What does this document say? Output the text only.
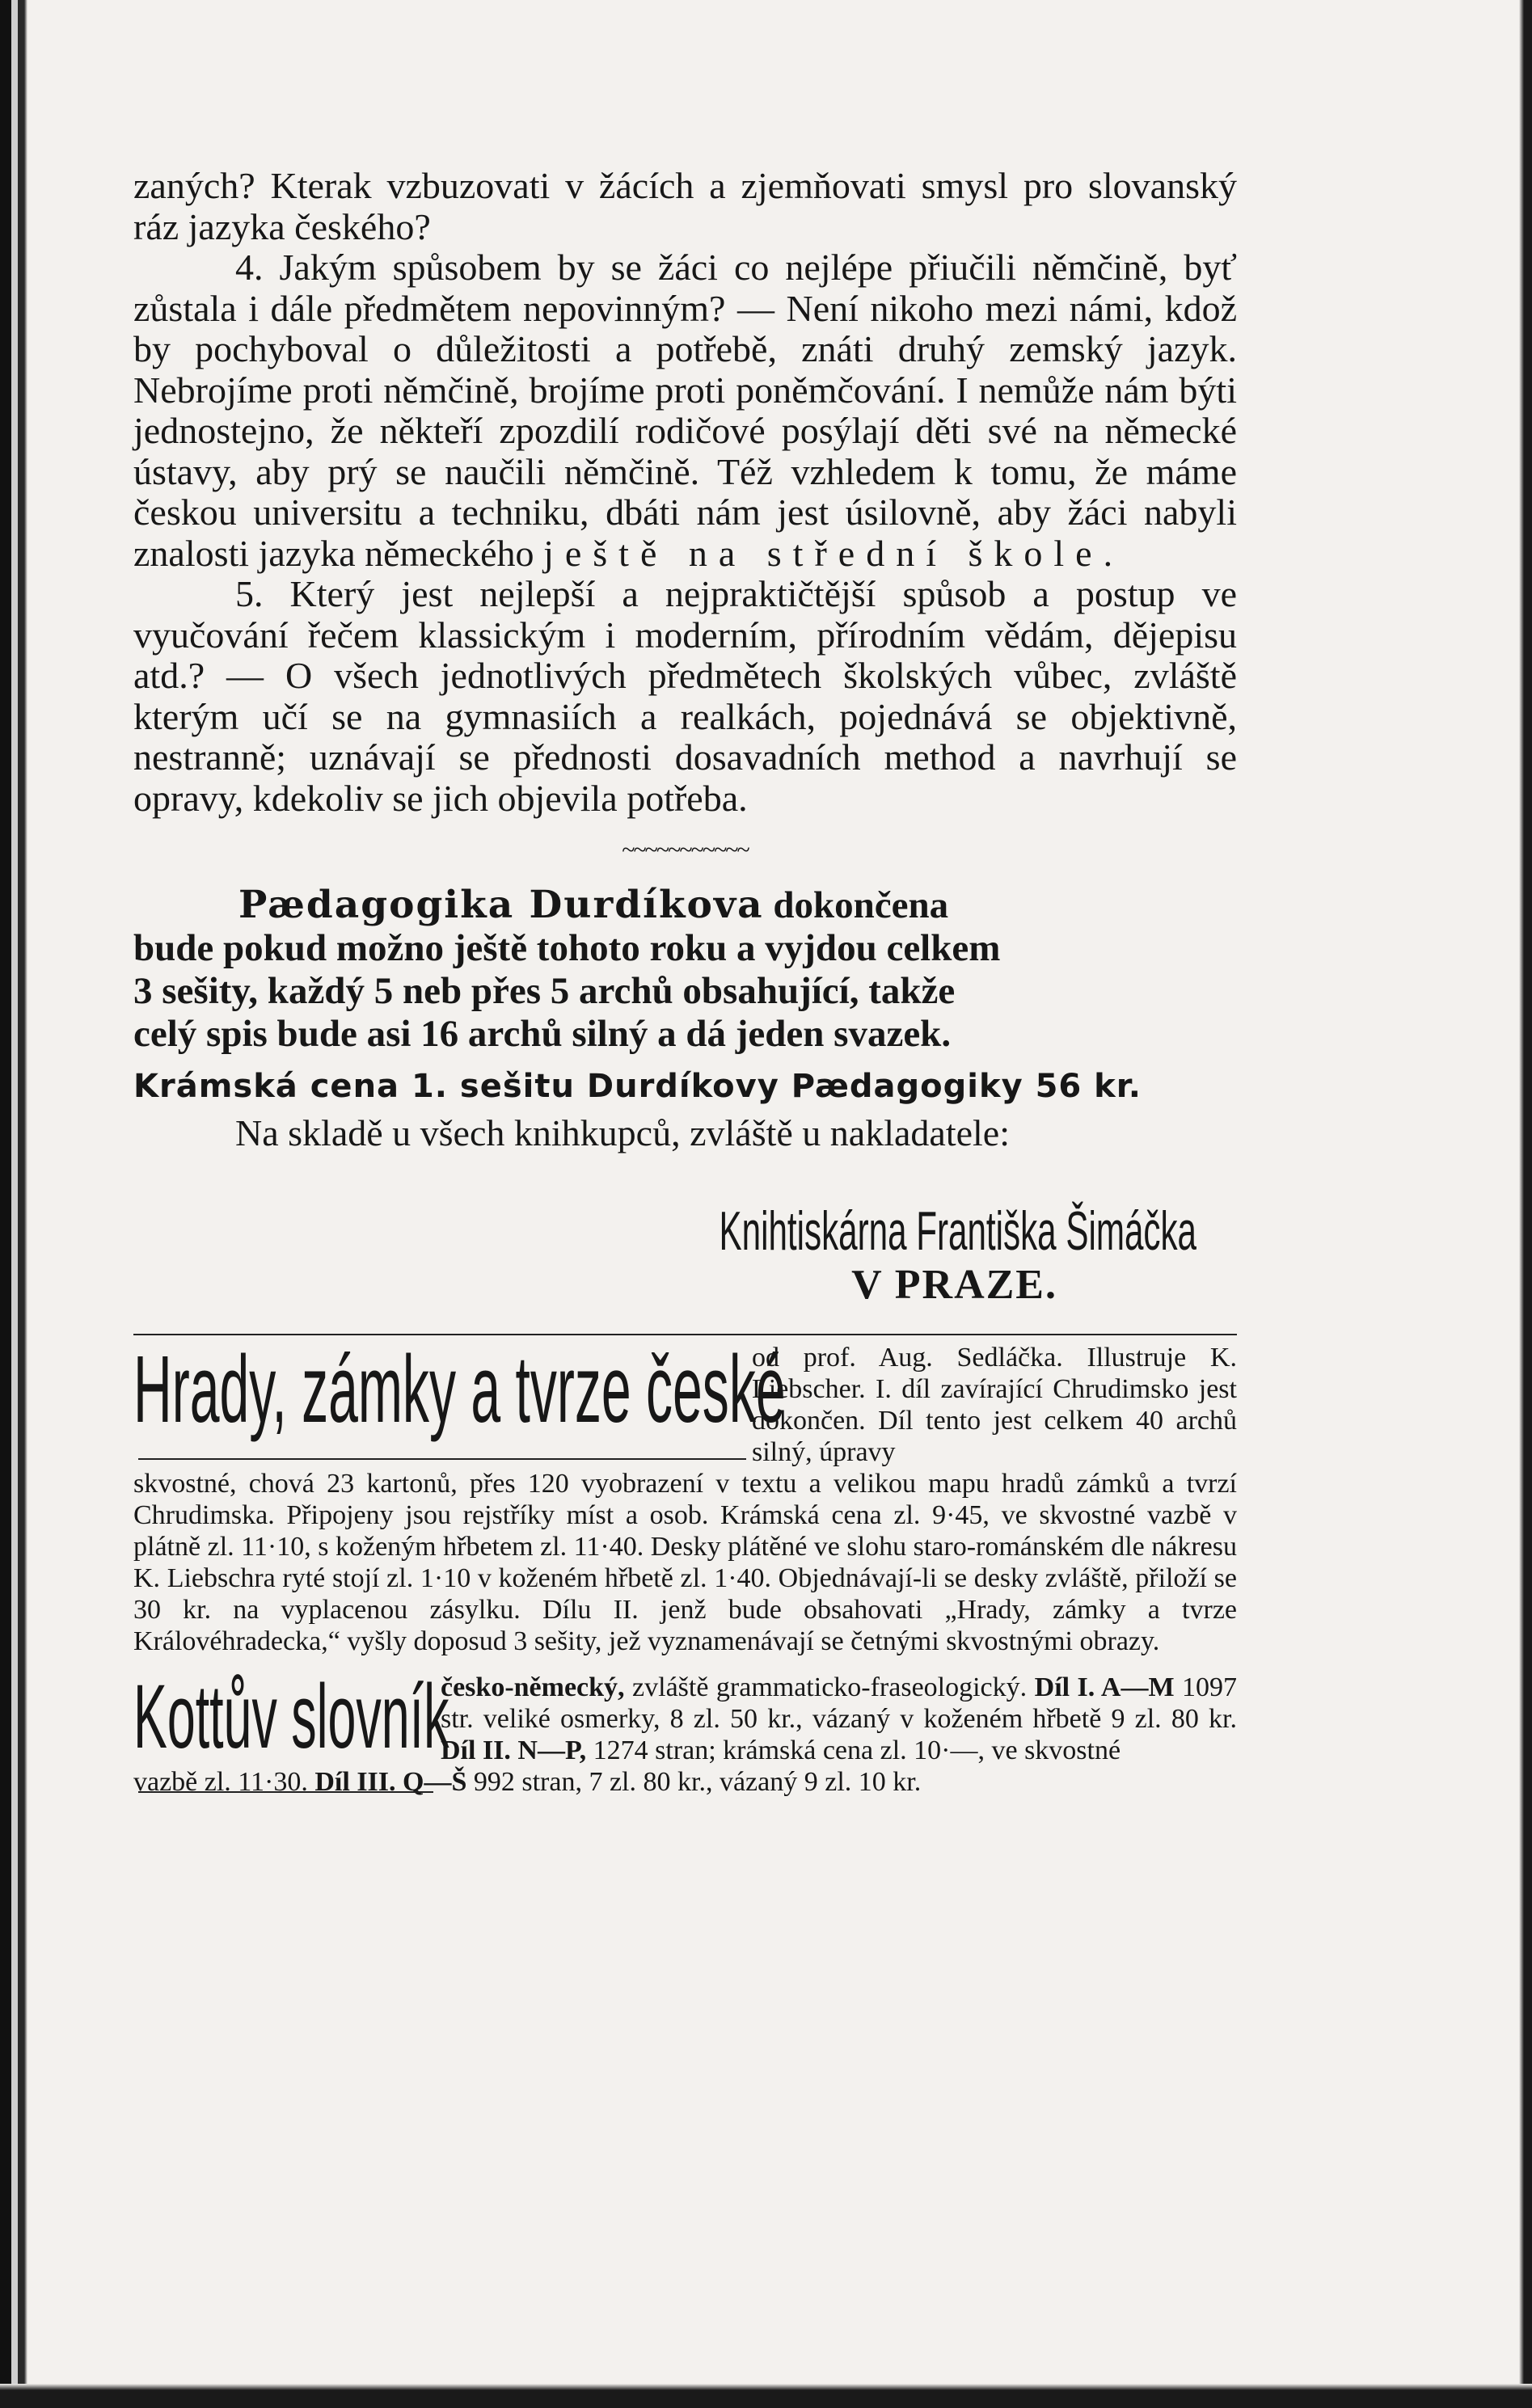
zaných? Kterak vzbuzovati v žácích a zjemňovati smysl pro slovanský ráz jazyka českého?

4. Jakým spůsobem by se žáci co nejlépe přiučili němčině, byť zůstala i dále předmětem nepovinným? — Není nikoho mezi námi, kdož by pochyboval o důležitosti a potřebě, znáti druhý zemský jazyk. Nebrojíme proti němčině, brojíme proti poněmčování. I nemůže nám býti jednostejno, že někteří zpozdilí rodičové posýlají děti své na německé ústavy, aby prý se naučili němčině. Též vzhledem k tomu, že máme českou universitu a techniku, dbáti nám jest úsilovně, aby žáci nabyli znalosti jazyka německého ještě na střední škole.

5. Který jest nejlepší a nejpraktičtější spůsob a postup ve vyučování řečem klassickým i moderním, přírodním vědám, dějepisu atd.? — O všech jednotlivých předmětech školských vůbec, zvláště kterým učí se na gymnasiích a realkách, pojednává se objektivně, nestranně; uznávají se přednosti dosavadních method a navrhují se opravy, kdekoliv se jich objevila potřeba.

~~~~~~~~~~~

Pædagogika Durdíkova dokončena

bude pokud možno ještě tohoto roku a vyjdou celkem

3 sešity, každý 5 neb přes 5 archů obsahující, takže

celý spis bude asi 16 archů silný a dá jeden svazek.

Krámská cena 1. sešitu Durdíkovy Pædagogiky 56 kr.

Na skladě u všech knihkupců, zvláště u nakladatele:

Knihtiskárna Františka Šimáčka
V PRAZE.
Hrady, zámky a tvrze české
od prof. Aug. Sedláčka. Illustruje K. Liebscher. I. díl zavírající Chrudimsko jest dokončen. Díl tento jest celkem 40 archů silný, úpravy

skvostné, chová 23 kartonů, přes 120 vyobrazení v textu a velikou mapu hradů zámků a tvrzí Chrudimska. Připojeny jsou rejstříky míst a osob. Krámská cena zl. 9·45, ve skvostné vazbě v plátně zl. 11·10, s koženým hřbetem zl. 11·40. Desky plátěné ve slohu staro-románském dle nákresu K. Liebschra ryté stojí zl. 1·10 v koženém hřbetě zl. 1·40. Objednávají-li se desky zvláště, přiloží se 30 kr. na vyplacenou zásylku. Dílu II. jenž bude obsahovati „Hrady, zámky a tvrze Královéhradecka,“ vyšly doposud 3 sešity, jež vyznamenávají se četnými skvostnými obrazy.

Kottův slovník
česko-německý, zvláště grammaticko-fraseologický. Díl I. A—M 1097 str. veliké osmerky, 8 zl. 50 kr., vázaný v koženém hřbetě 9 zl. 80 kr. Díl II. N—P, 1274 stran; krámská cena zl. 10·—, ve skvostné

vazbě zl. 11·30. Díl III. Q—Š 992 stran, 7 zl. 80 kr., vázaný 9 zl. 10 kr.
